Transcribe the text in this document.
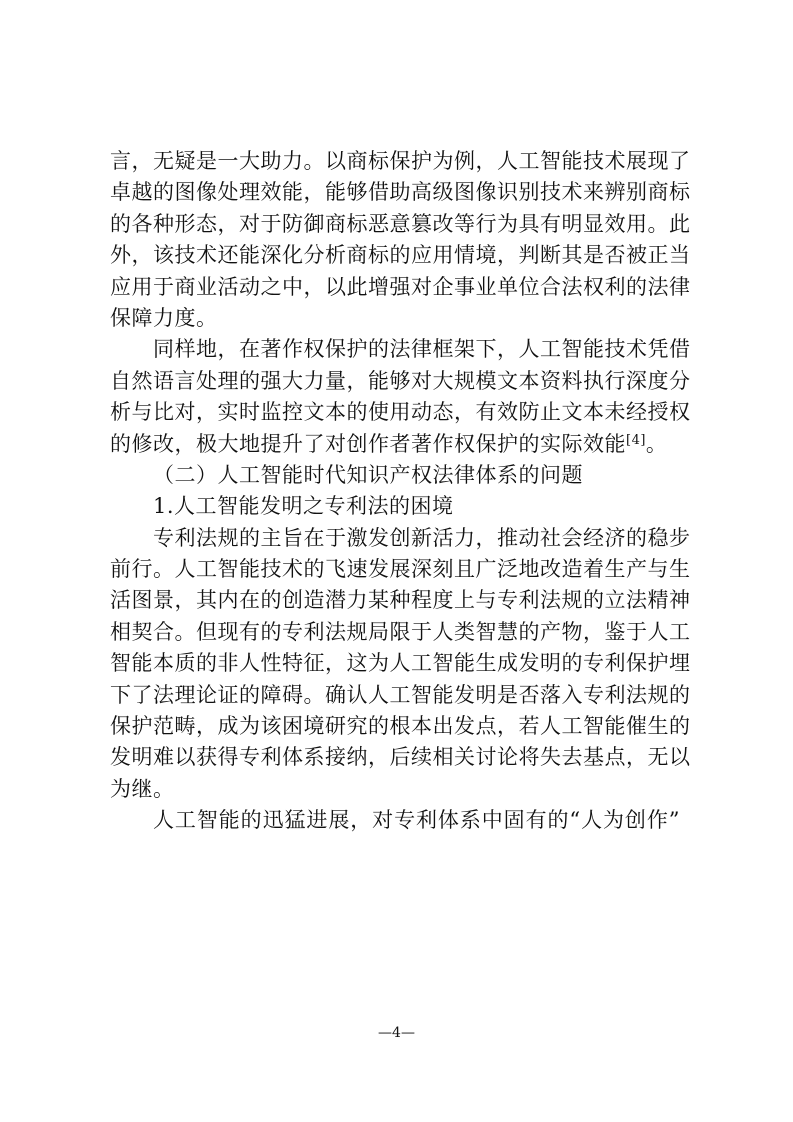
言，无疑是一大助力。以商标保护为例，人工智能技术展现了
卓越的图像处理效能，能够借助高级图像识别技术来辨别商标
的各种形态，对于防御商标恶意篡改等行为具有明显效用。此
外，该技术还能深化分析商标的应用情境，判断其是否被正当
应用于商业活动之中，以此增强对企事业单位合法权利的法律
保障力度。
同样地，在著作权保护的法律框架下，人工智能技术凭借
自然语言处理的强大力量，能够对大规模文本资料执行深度分
析与比对，实时监控文本的使用动态，有效防止文本未经授权
的修改，极大地提升了对创作者著作权保护的实际效能[4]。
（二）人工智能时代知识产权法律体系的问题
1.人工智能发明之专利法的困境
专利法规的主旨在于激发创新活力，推动社会经济的稳步
前行。人工智能技术的飞速发展深刻且广泛地改造着生产与生
活图景，其内在的创造潜力某种程度上与专利法规的立法精神
相契合。但现有的专利法规局限于人类智慧的产物，鉴于人工
智能本质的非人性特征，这为人工智能生成发明的专利保护埋
下了法理论证的障碍。确认人工智能发明是否落入专利法规的
保护范畴，成为该困境研究的根本出发点，若人工智能催生的
发明难以获得专利体系接纳，后续相关讨论将失去基点，无以
为继。
人工智能的迅猛进展，对专利体系中固有的“人为创作”
—4—
